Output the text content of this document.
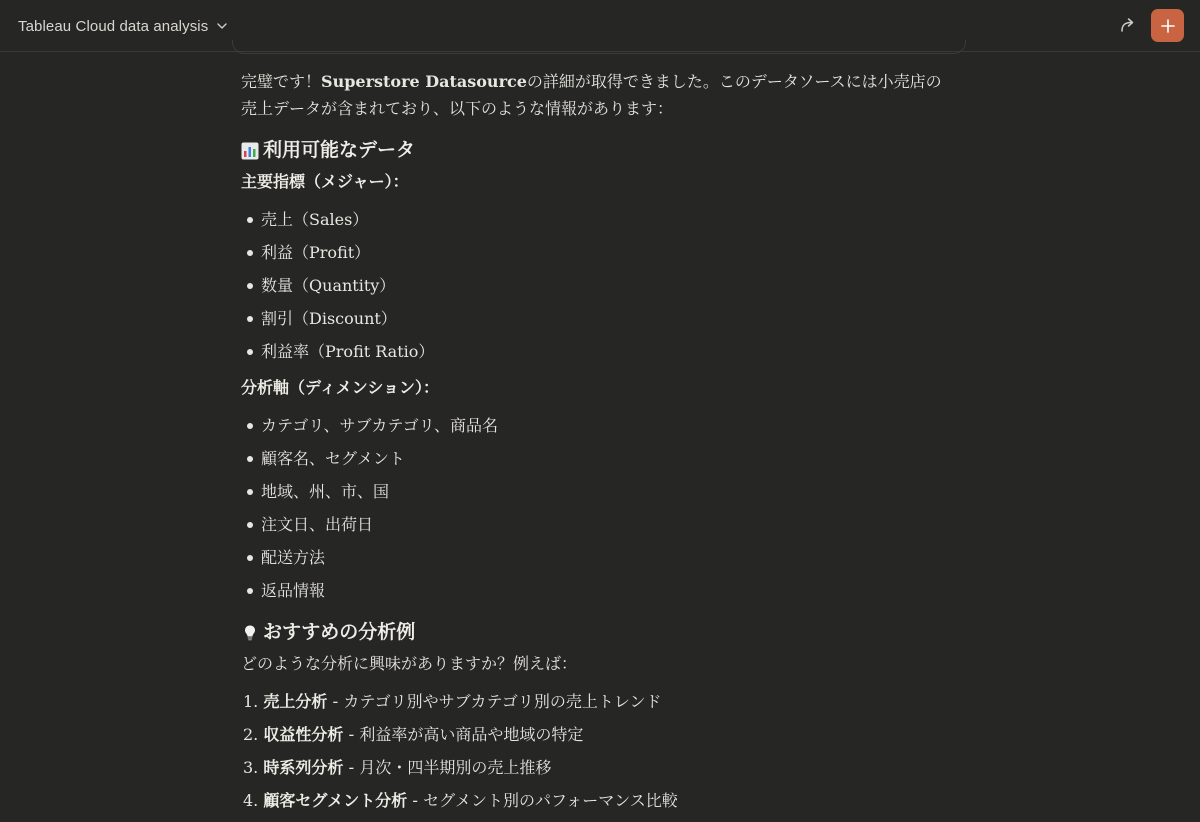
Tableau Cloud data analysis
完璧です！Superstore Datasourceの詳細が取得できました。このデータソースには小売店の
売上データが含まれており、以下のような情報があります：
利用可能なデータ
主要指標（メジャー）：
売上 （Sales）
利益 （Profit）
数量 （Quantity）
割引 （Discount）
利益率 （Profit Ratio）
分析軸（ディメンション）：
カテゴリ、サブカテゴリ、商品名
顧客名、セグメント
地域、州、市、国
注文日、出荷日
配送方法
返品情報
おすすめの分析例
どのような分析に興味がありますか？例えば：
1. 売上分析 - カテゴリ別やサブカテゴリ別の売上トレンド
2. 収益性分析 - 利益率が高い商品や地域の特定
3. 時系列分析 - 月次・四半期別の売上推移
4. 顧客セグメント分析 - セグメント別のパフォーマンス比較
